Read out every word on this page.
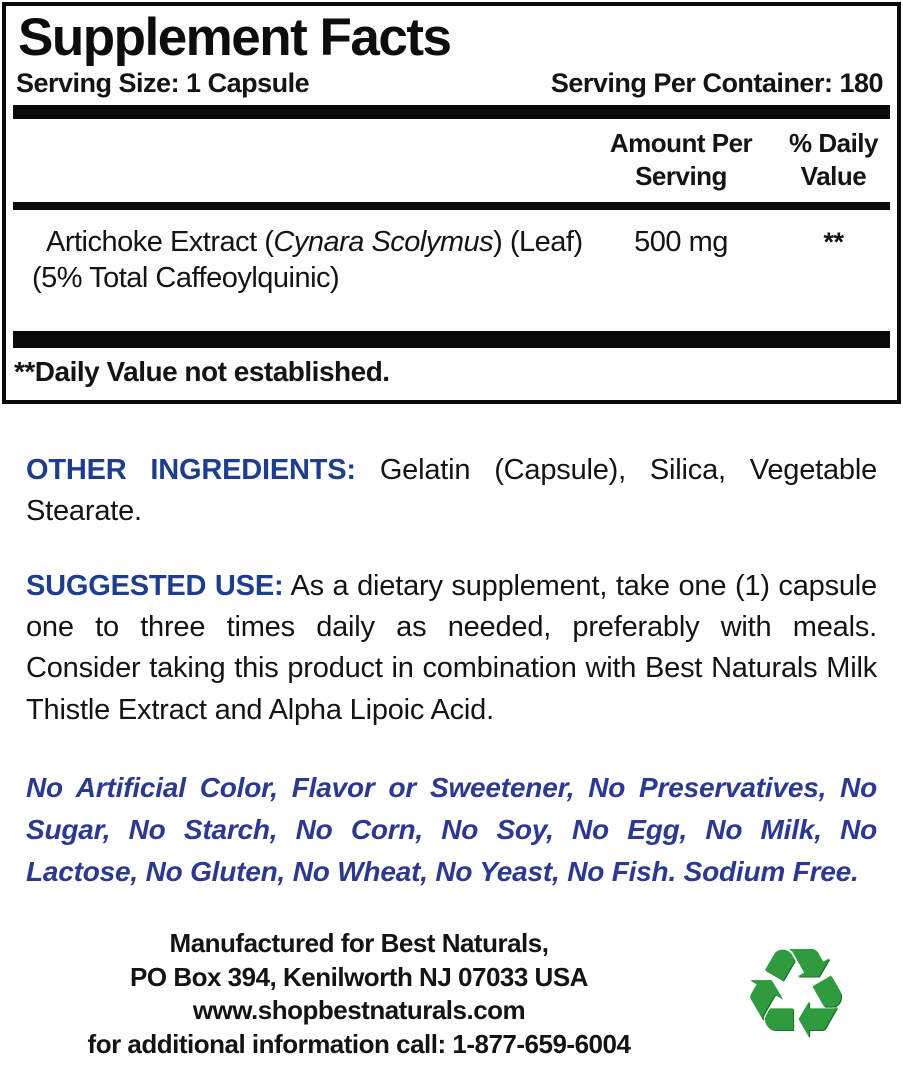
Supplement Facts
Serving Size: 1 Capsule	Serving Per Container: 180
Amount Per
Serving
% Daily
Value
Artichoke Extract (Cynara Scolymus) (Leaf)
(5% Total Caffeoylquinic)
500 mg	**
**Daily Value not established.

OTHER INGREDIENTS: Gelatin (Capsule), Silica, Vegetable Stearate.

SUGGESTED USE: As a dietary supplement, take one (1) capsule one to three times daily as needed, preferably with meals. Consider taking this product in combination with Best Naturals Milk Thistle Extract and Alpha Lipoic Acid.

No Artificial Color, Flavor or Sweetener, No Preservatives, No Sugar, No Starch, No Corn, No Soy, No Egg, No Milk, No Lactose, No Gluten, No Wheat, No Yeast, No Fish. Sodium Free.

Manufactured for Best Naturals,
PO Box 394, Kenilworth NJ 07033 USA
www.shopbestnaturals.com
for additional information call: 1-877-659-6004 ♻
